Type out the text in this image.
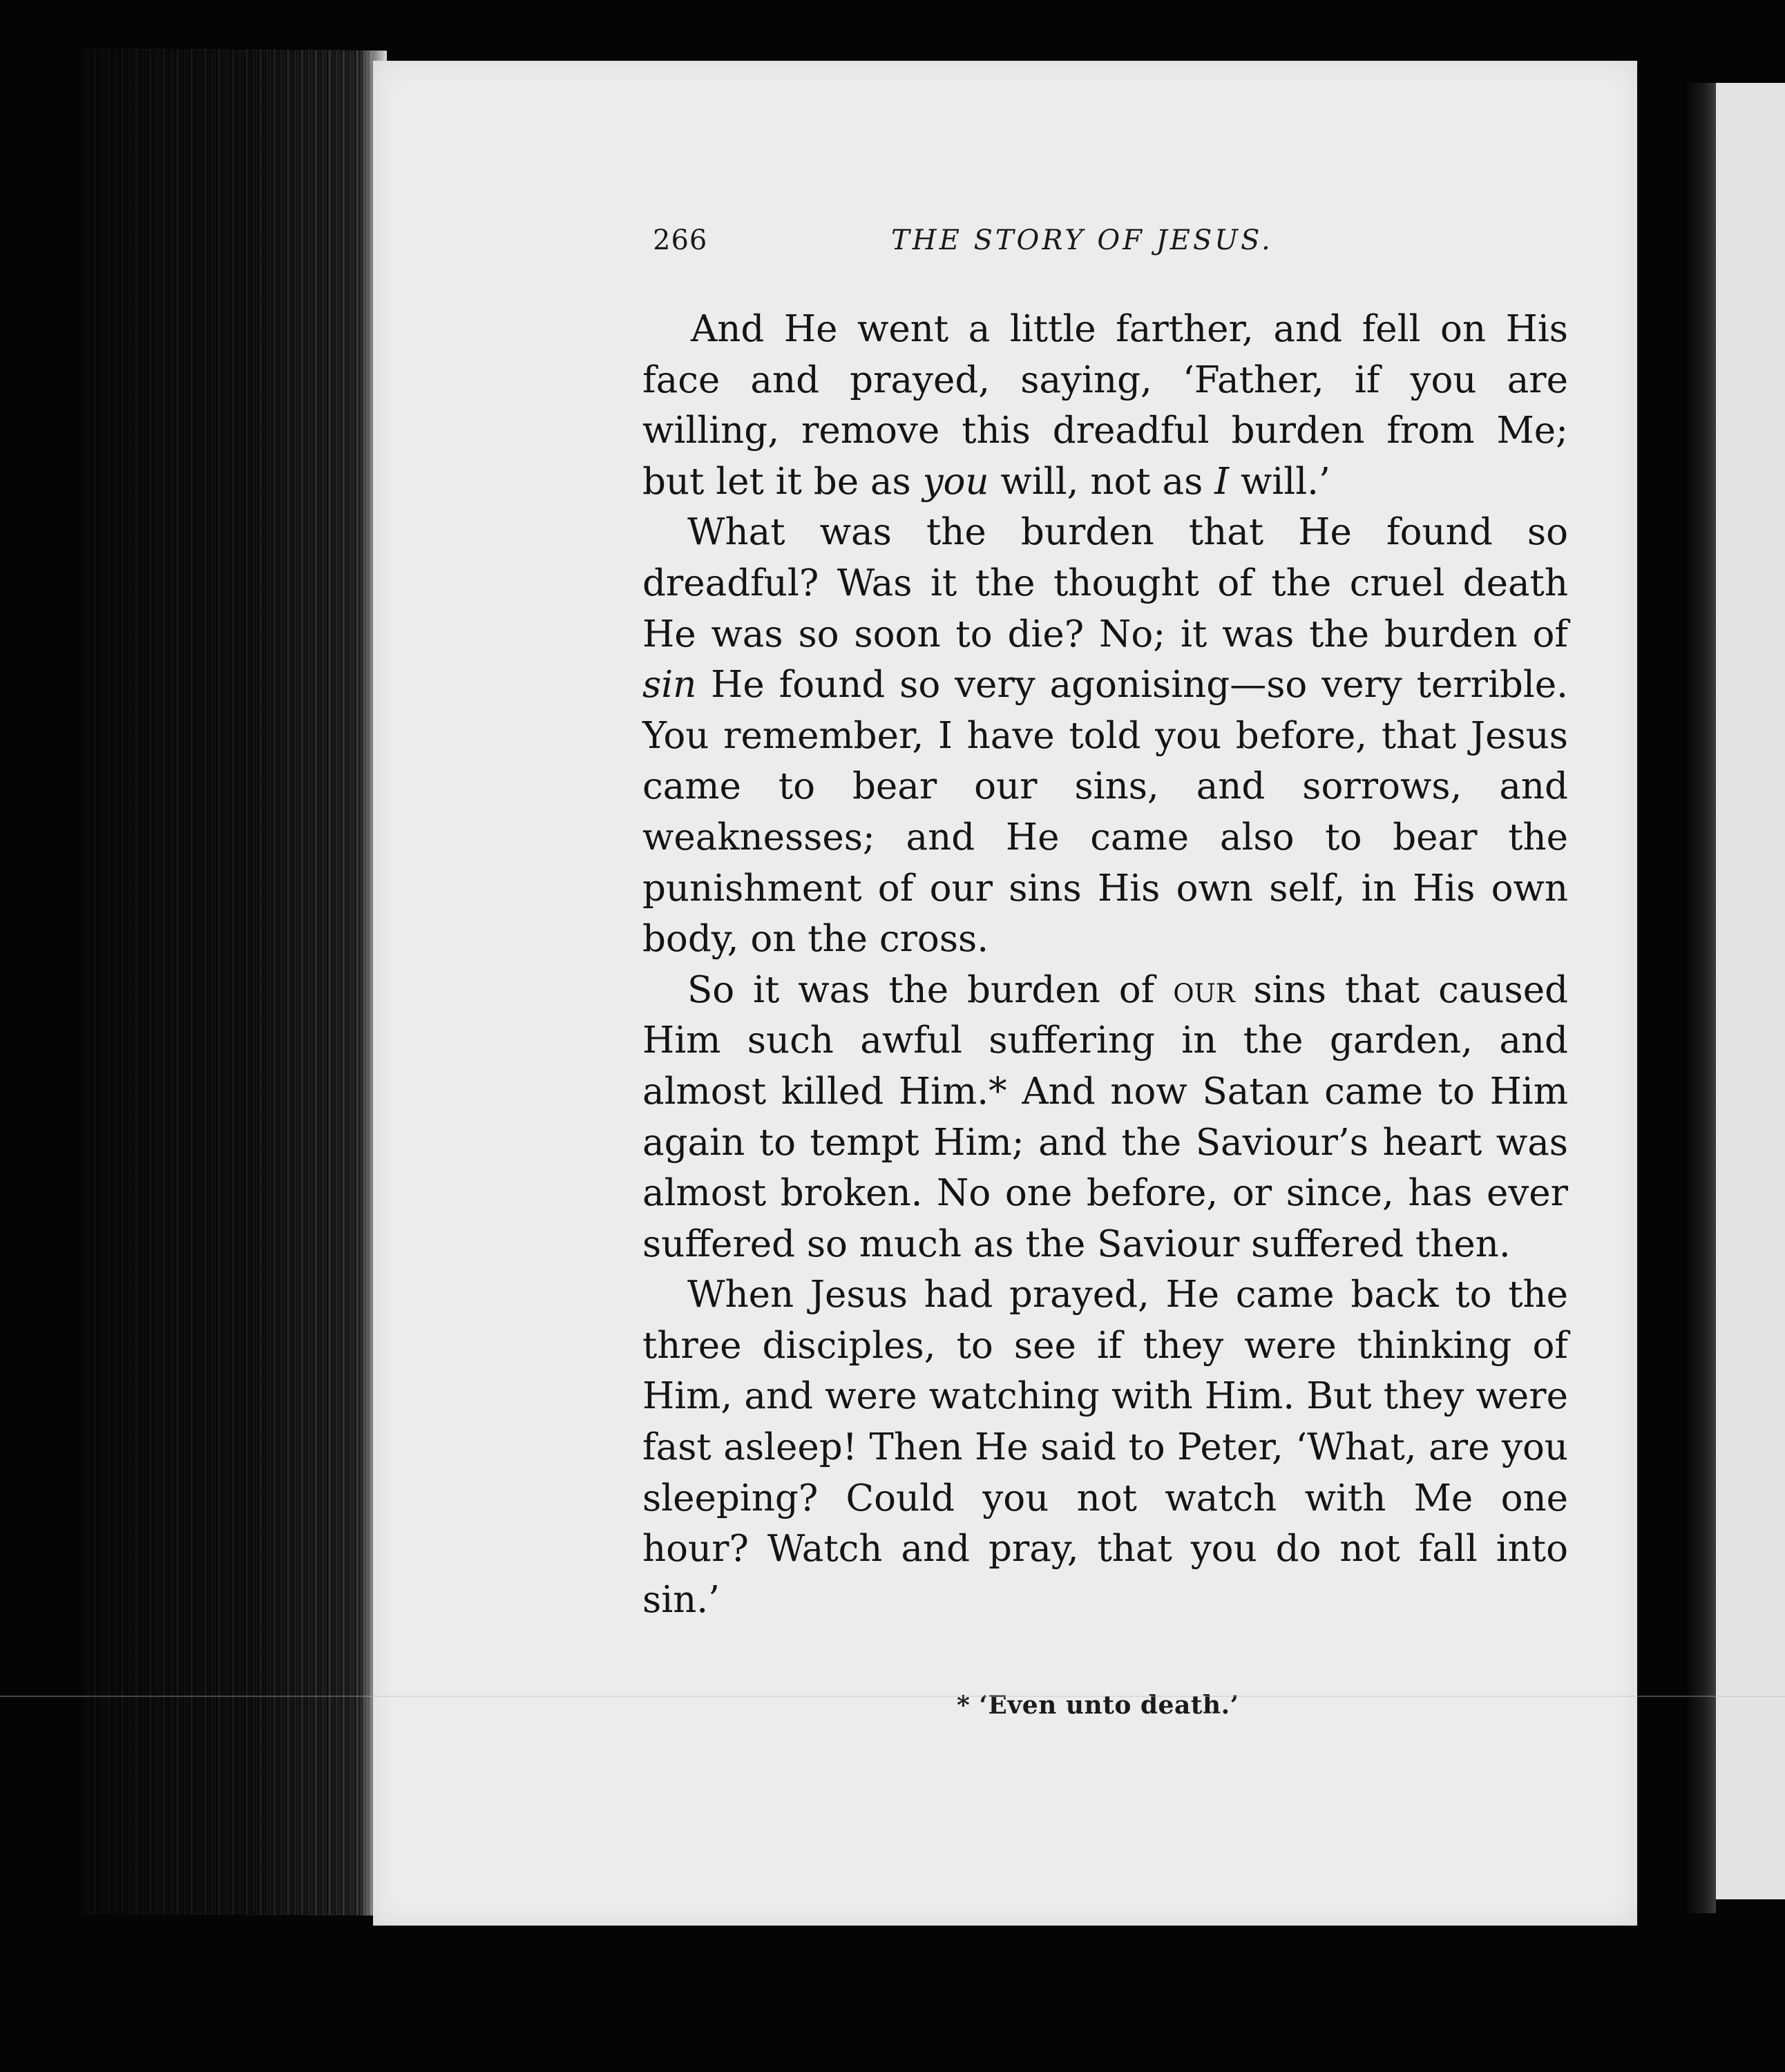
266	THE STORY OF JESUS.

And He went a little farther, and fell on His face and prayed, saying, ‘Father, if you are willing, remove this dreadful burden from Me; but let it be as you will, not as I will.’

What was the burden that He found so dreadful? Was it the thought of the cruel death He was so soon to die? No; it was the burden of sin He found so very agonising—so very terrible. You remember, I have told you before, that Jesus came to bear our sins, and sorrows, and weaknesses; and He came also to bear the punishment of our sins His own self, in His own body, on the cross.

So it was the burden of our sins that caused Him such awful suffering in the garden, and almost killed Him.* And now Satan came to Him again to tempt Him; and the Saviour’s heart was almost broken. No one before, or since, has ever suffered so much as the Saviour suffered then.

When Jesus had prayed, He came back to the three disciples, to see if they were thinking of Him, and were watching with Him. But they were fast asleep! Then He said to Peter, ‘What, are you sleeping? Could you not watch with Me one hour? Watch and pray, that you do not fall into sin.’

* ‘Even unto death.’
